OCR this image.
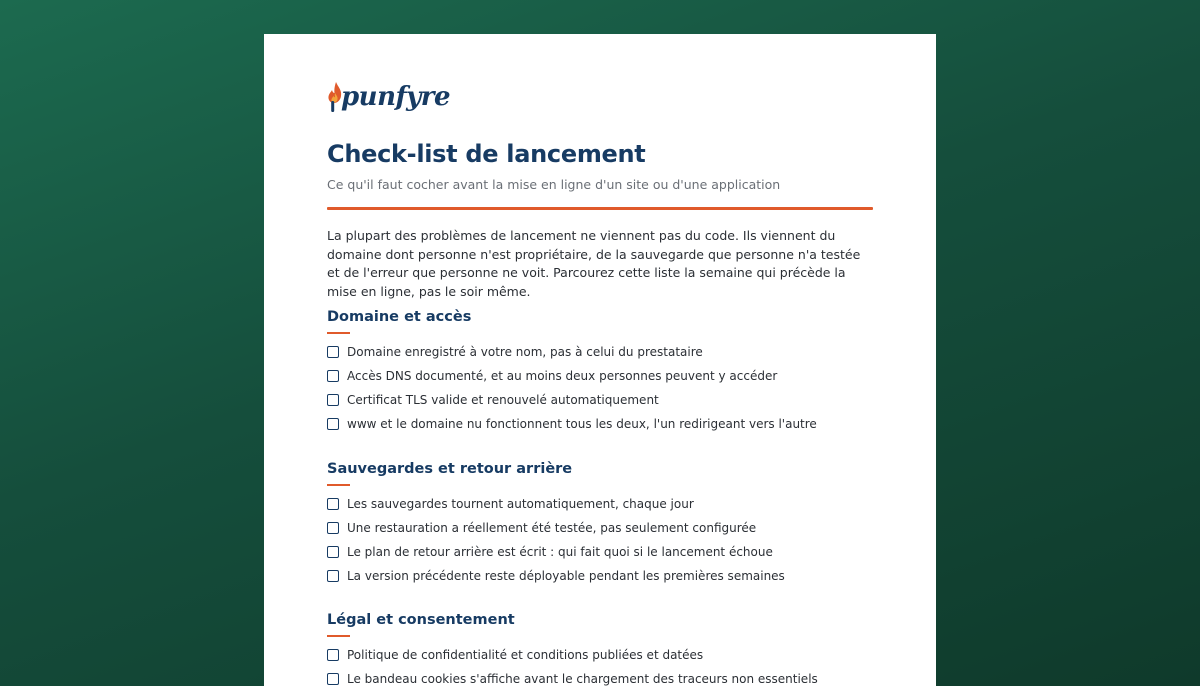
punfyre
Check-list de lancement

Ce qu'il faut cocher avant la mise en ligne d'un site ou d'une application

La plupart des problèmes de lancement ne viennent pas du code. Ils viennent du domaine dont personne n'est propriétaire, de la sauvegarde que personne n'a testée et de l'erreur que personne ne voit. Parcourez cette liste la semaine qui précède la mise en ligne, pas le soir même.

Domaine et accès
Domaine enregistré à votre nom, pas à celui du prestataire
Accès DNS documenté, et au moins deux personnes peuvent y accéder
Certificat TLS valide et renouvelé automatiquement
www et le domaine nu fonctionnent tous les deux, l'un redirigeant vers l'autre
Sauvegardes et retour arrière
Les sauvegardes tournent automatiquement, chaque jour
Une restauration a réellement été testée, pas seulement configurée
Le plan de retour arrière est écrit : qui fait quoi si le lancement échoue
La version précédente reste déployable pendant les premières semaines
Légal et consentement
Politique de confidentialité et conditions publiées et datées
Le bandeau cookies s'affiche avant le chargement des traceurs non essentiels
